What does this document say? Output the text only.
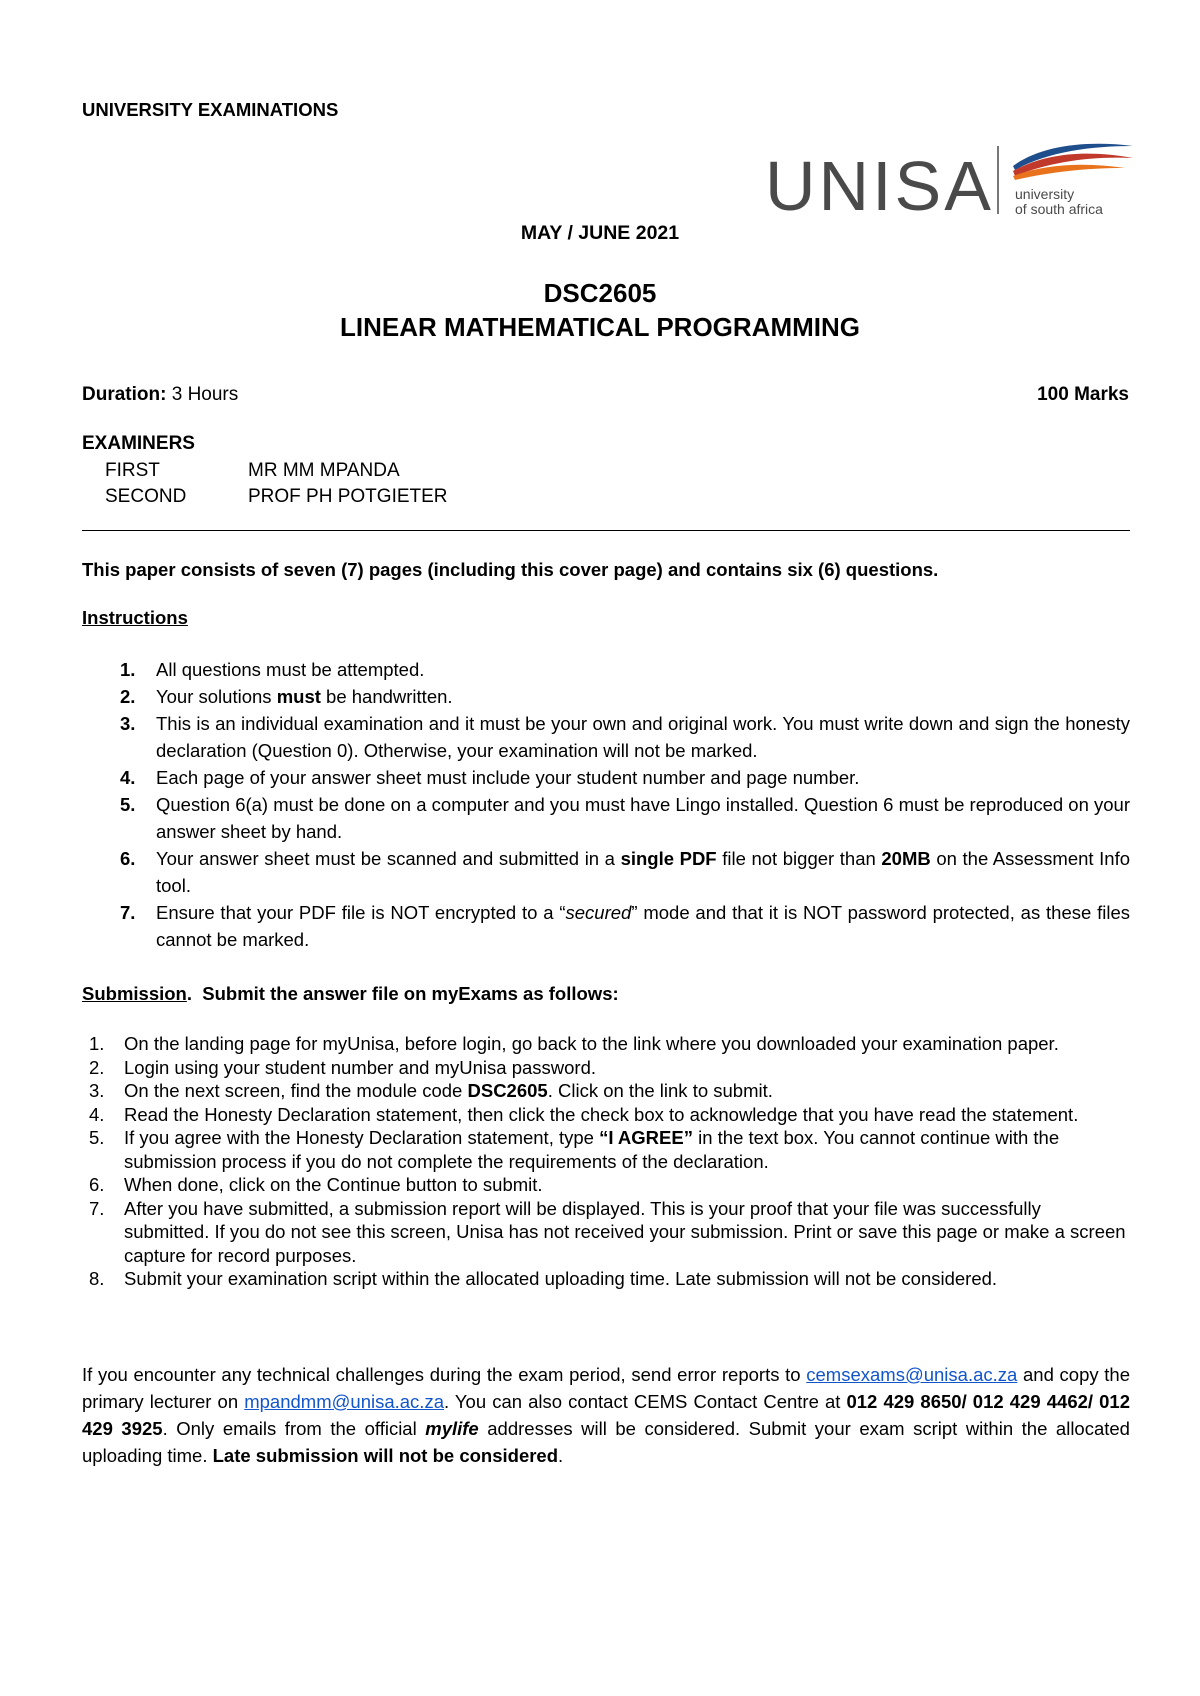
UNIVERSITY EXAMINATIONS
UNISA university
of south africa
MAY / JUNE 2021
DSC2605
LINEAR MATHEMATICAL PROGRAMMING
Duration: 3 Hours	100 Marks
EXAMINERS
FIRST	MR MM MPANDA
SECOND	PROF PH POTGIETER
This paper consists of seven (7) pages (including this cover page) and contains six (6) questions.
Instructions
1. All questions must be attempted.
2. Your solutions must be handwritten.
3. This is an individual examination and it must be your own and original work. You must write down and sign the honesty declaration (Question 0). Otherwise, your examination will not be marked.
4. Each page of your answer sheet must include your student number and page number.
5. Question 6(a) must be done on a computer and you must have Lingo installed. Question 6 must be reproduced on your answer sheet by hand.
6. Your answer sheet must be scanned and submitted in a single PDF file not bigger than 20MB on the Assessment Info tool.
7. Ensure that your PDF file is NOT encrypted to a “secured” mode and that it is NOT password protected, as these files cannot be marked.
Submission.  Submit the answer file on myExams as follows:
1. On the landing page for myUnisa, before login, go back to the link where you downloaded your examination paper.
2. Login using your student number and myUnisa password.
3. On the next screen, find the module code DSC2605. Click on the link to submit.
4. Read the Honesty Declaration statement, then click the check box to acknowledge that you have read the statement.
5. If you agree with the Honesty Declaration statement, type “I AGREE” in the text box. You cannot continue with the submission process if you do not complete the requirements of the declaration.
6. When done, click on the Continue button to submit.
7. After you have submitted, a submission report will be displayed. This is your proof that your file was successfully submitted. If you do not see this screen, Unisa has not received your submission. Print or save this page or make a screen capture for record purposes.
8. Submit your examination script within the allocated uploading time. Late submission will not be considered.
If you encounter any technical challenges during the exam period, send error reports to cemsexams@unisa.ac.za and copy the primary lecturer on mpandmm@unisa.ac.za. You can also contact CEMS Contact Centre at 012 429 8650/ 012 429 4462/ 012 429 3925. Only emails from the official mylife addresses will be considered. Submit your exam script within the allocated uploading time. Late submission will not be considered.
